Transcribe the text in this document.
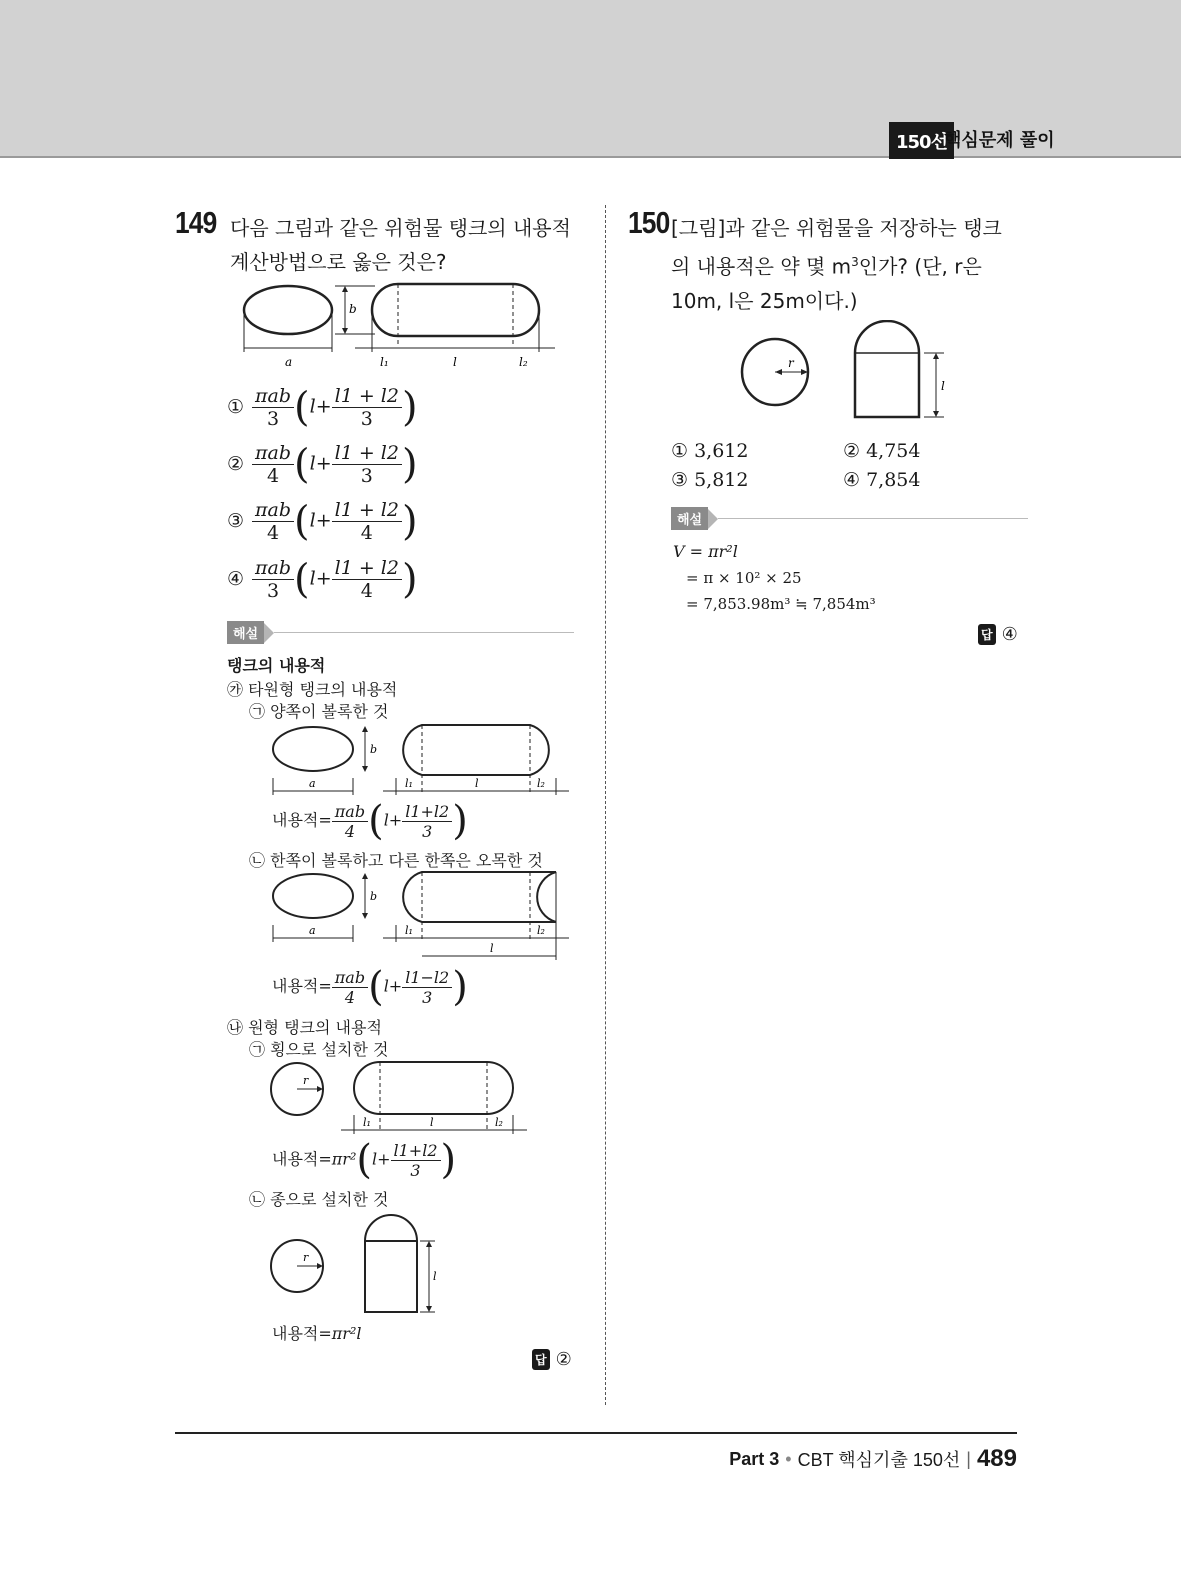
150선
핵심문제 풀이
149 다음 그림과 같은 위험물 탱크의 내용적 계산방법으로 옳은 것은?
b
a	l₁	l	l₂
① $\frac{\text{πab}}{3} (l+ \frac{l1 + l2}{3}$ )
② $\frac{\text{πab}}{4} (l+ \frac{l1 + l2}{3}$ )
③ $\frac{\text{πab}}{4} (l+ \frac{l1 + l2}{4}$ )
④ $\frac{\text{πab}}{3} (l+ \frac{l1 + l2}{4}$ )
해설
탱크의 내용적
㉮ 타원형 탱크의 내용적
㉠ 양쪽이 볼록한 것
b
a	l₁	l	l₂
내용적= $\frac{\text{πab}}{4} (l+ \frac{l1+l2}{3}$ )
㉡ 한쪽이 볼록하고 다른 한쪽은 오목한 것
b
a	l₁	l₂
l
내용적= $\frac{\text{πab}}{4} (l+ \frac{l1-l2}{3}$ )
㉯ 원형 탱크의 내용적
㉠ 횡으로 설치한 것
r
l₁	l	l₂
내용적$=\pi r^2(l+ \frac{l1+l2}{3}$ )
㉡ 종으로 설치한 것
r
l
내용적=πr²l
답 ②
150 [그림]과 같은 위험물을 저장하는 탱크의 내용적은 약 몇 $m^3$인가? (단, r은 10m, l은 25m이다.)
r
l
① 3,612	② 4,754
③ 5,812	④ 7,854
해설
V = πr²l
= π × 10² × 25
= 7,853.98m³ ≒ 7,854m³
답 ④
Part 3 • CBT 핵심기출 150선 | 489
